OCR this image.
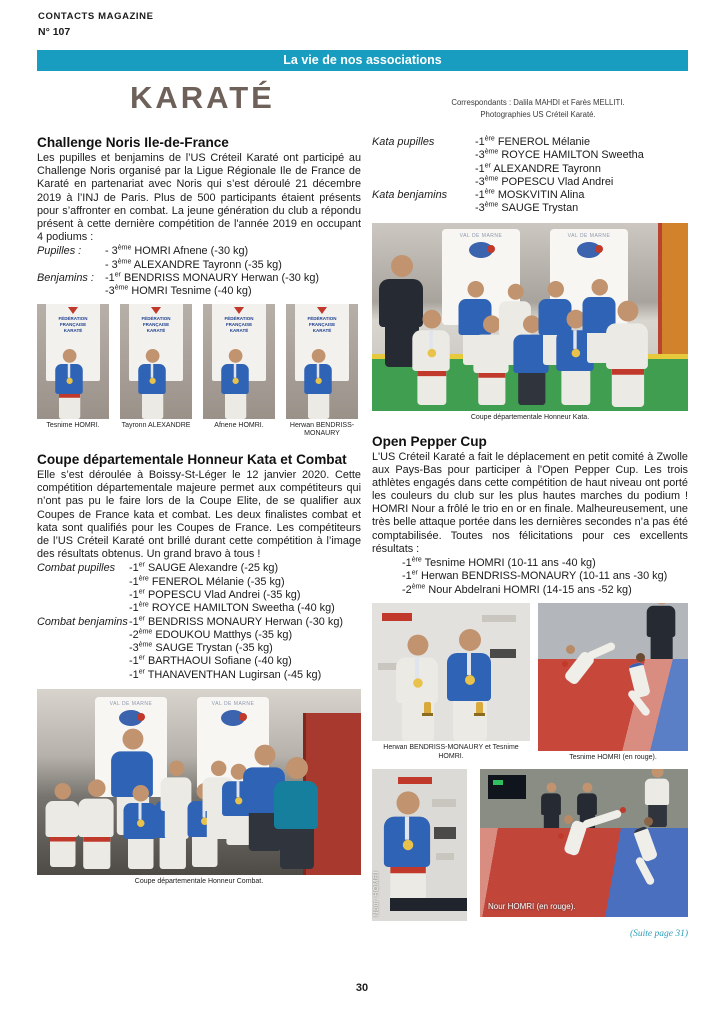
CONTACTS MAGAZINE
N° 107
La vie de nos associations
KARATÉ	Correspondants : Dalila MAHDI et Farès MELLITI.
Photographies US Créteil Karaté.
Challenge Noris Ile-de-France

Les pupilles et benjamins de l’US Créteil Karaté ont participé au Challenge Noris organisé par la Ligue Régionale Ile de France de Karaté en partenariat avec Noris qui s’est déroulé 21 décembre 2019 à l’INJ de Paris. Plus de 500 participants étaient présents pour s’affronter en combat. La jeune génération du club a répondu présent à cette dernière compétition de l'année 2019 en occupant 4 podiums :

Pupilles :	- 3ème HOMRI Afnene (-30 kg)
- 3ème ALEXANDRE Tayronn (-35 kg)
Benjamins :	-1er BENDRISS MONAURY Herwan (-30 kg)
-3ème HOMRI Tesnime (-40 kg)
FÉDÉRATION FRANÇAISE KARATÉ
Tesnime HOMRI.
FÉDÉRATION FRANÇAISE KARATÉ
Tayronn ALEXANDRE
FÉDÉRATION FRANÇAISE KARATÉ
Afnene HOMRI.
FÉDÉRATION FRANÇAISE KARATÉ
Herwan BENDRISS-MONAURY
Coupe départementale Honneur Kata et Combat

Elle s’est déroulée à Boissy-St-Léger le 12 janvier 2020. Cette compétition départementale majeure permet aux compétiteurs qui n’ont pas pu le faire lors de la Coupe Elite, de se qualifier aux Coupes de France kata et combat. Les deux finalistes combat et kata sont qualifiés pour les Coupes de France. Les compétiteurs de l’US Créteil Karaté ont brillé durant cette compétition à l’image des résultats obtenus. Un grand bravo à tous !

Combat pupilles	-1er SAUGE Alexandre (-25 kg)
-1ère FENEROL Mélanie (-35 kg)
-1er POPESCU Vlad Andrei (-35 kg)
-1ère ROYCE HAMILTON Sweetha (-40 kg)
Combat benjamins -1er BENDRISS MONAURY Herwan (-30 kg)
-2ème EDOUKOU Matthys (-35 kg)
-3ème SAUGE Trystan (-35 kg)
-1er BARTHAOUI Sofiane (-40 kg)
-1er THANAVENTHAN Lugirsan (-45 kg)
VAL DE MARNE	VAL DE MARNE
Coupe départementale Honneur Combat.
Kata pupilles	-1ère FENEROL Mélanie
-3ème ROYCE HAMILTON Sweetha
-1er ALEXANDRE Tayronn
-3ème POPESCU Vlad Andrei
Kata benjamins	-1ère MOSKVITIN Alina
-3ème SAUGE Trystan
VAL DE MARNE	VAL DE MARNE
Coupe départementale Honneur Kata.
Open Pepper Cup

L'US Créteil Karaté a fait le déplacement en petit comité à Zwolle aux Pays-Bas pour participer à l'Open Pepper Cup. Les trois athlètes engagés dans cette compétition de haut niveau ont porté les couleurs du club sur les plus hautes marches du podium ! HOMRI Nour a frôlé le trio en or en finale. Malheureusement, une très belle attaque portée dans les dernières secondes n’a pas été comptabilisée. Toutes nos félicitations pour ces excellents résultats :

-1ère Tesnime HOMRI (10-11 ans -40 kg)
-1er Herwan BENDRISS-MONAURY (10-11 ans -30 kg)
-2ème Nour Abdelrani HOMRI (14-15 ans -52 kg)
Herwan BENDRISS-MONAURY et Tesnime HOMRI.	Tesnime HOMRI (en rouge).
Nour HOMRI	Nour HOMRI (en rouge).
(Suite page 31)
30
